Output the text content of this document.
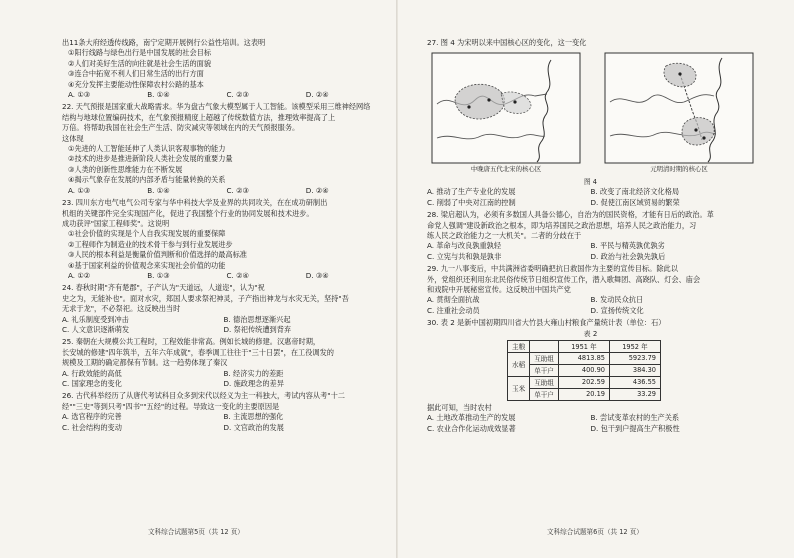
出11条大府经透传线路，南宁定期开展例行公益性培训。这表明
①阳行线路与绿色出行是中国发展的社会目标
②人们对美好生活的向往就是社会生活的面貌
③连合中拓宽不利人们日常生活的出行方面
④充分发挥主要能动性保障农村公路的基本
A. ①③	B. ①④	C. ②③	D. ②④
22. 天气预报是国家重大战略需求。华为盘古气象大模型属于人工智能。该模型采用三维神经网络
结构与地球位置编码技术，在气象预报精度上超越了传统数值方法，推理效率提高了上
万倍。将帮助我国在社会生产生活、防灾减灾等领域在内的天气预报服务。
这体现
①先进的人工智能延伸了人类认识客观事物的能力
②技术的进步是推进新阶段人类社会发展的重要力量
③人类的创新性思维能力在不断发展
④揭示气象存在发展的内部矛盾与能量转换的关系
A. ①③	B. ①④	C. ②③	D. ②④
23. 四川东方电气电气公司专家与华中科技大学及业界的共同攻关，在在成功研制出
机组的关键部件完全实现国产化，促进了我国整个行业的协同发展和技术进步。
成功获评"国家工程师奖"。这说明
①社会价值的实现是个人自我实现发展的重要保障
②工程师作为制造业的技术骨干参与到行业发展进步
③人民的根本利益是衡量价值判断和价值选择的最高标准
④基于国家利益的价值观念来实现社会价值的功能
A. ①②	B. ①③	C. ②④	D. ③④
24. 春秋时期"齐有楚郡"，子产认为"天道远，人道迩"，认为"祝
史之为，无能补也"。面对水灾，郑国人要求祭祀神灵，子产指出神龙与水灾无关，坚持"吾
无求于龙"，不必祭祀。这反映出当时
A. 礼乐制度受到冲击	B. 德治思想逐渐兴起
C. 人文意识逐渐萌发	D. 祭祀传统遭到背弃
25. 秦朝在大规模公共工程时，工程效能非常高。例如长城的修建。汉惠帝时期，
长安城的修建"四年筑半，五年六年成就"，春季调工往往于"三十日罢"，在工役调发的
规模及工期的确定都保有节制。这一趋势体现了秦汉
A. 行政效能的高低	B. 经济实力的差距
C. 国家理念的变化	D. 施政理念的差异
26. 古代科举经历了从唐代考试科目众多到宋代以经义为主一科独大，考试内容从考"十二
经""三史"等到只考"四书""五经"的过程。导致这一变化的主要原因是
A. 选官程序的完善	B. 主流思想的强化
C. 社会结构的变动	D. 文官政治的发展
文科综合试题第5页（共 12 页）
27. 图 4 为宋明以来中国核心区的变化，这一变化
中晚唐五代北宋的核心区	元明清时期的核心区
图 4
A. 推动了生产专业化的发展	B. 改变了南北经济文化格局
C. 削弱了中央对江南的控制	D. 促使江南区域贸易的繁荣
28. 梁启超认为，必须有多数国人具备公德心，自治为的国民资格，才能有日后的政治。革
命党人强调"建设新政治之根本，即为培养国民之政治思想，培养人民之政治能力，习
练人民之政治能力之一大机关"。二者的分歧在于
A. 革命与改良孰重孰轻	B. 平民与精英孰优孰劣
C. 立宪与共和孰是孰非	D. 政治与社会孰先孰后
29. 九一八事变后，中共满洲省委明确把抗日救国作为主要的宣传目标。除此以
外，党组织还利用东北民俗传统节日组织宣传工作，潜入歌舞团、高跷队、灯会、庙会
和戏院中开展秘密宣传。这反映出中国共产党
A. 贯彻全面抗战	B. 发动民众抗日
C. 注重社会动员	D. 宣扬传统文化
30. 表 2 是新中国初期四川省大竹县大雍山村粮食产量统计表（单位：石）
表 2
主粮		1951 年	1952 年
水稻	互助组	4813.85	5923.79
	单干户	400.90	384.30
玉米	互助组	202.59	436.55
	单干户	20.19	33.29
据此可知，当时农村
A. 土地改革推动生产的发展	B. 尝试变革农村的生产关系
C. 农业合作化运动成效显著	D. 包干到户提高生产积极性
文科综合试题第6页（共 12 页）
